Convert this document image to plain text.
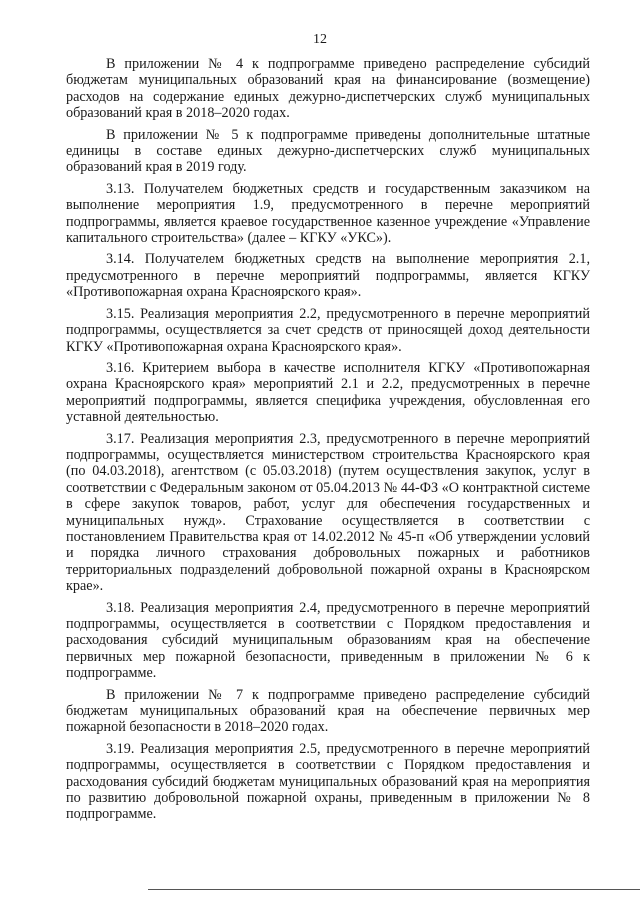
12

В приложении № 4 к подпрограмме приведено распределение субсидий бюджетам муниципальных образований края на финансирование (возмещение) расходов на содержание единых дежурно-диспетчерских служб муниципальных образований края в 2018–2020 годах.

В приложении № 5 к подпрограмме приведены дополнительные штатные единицы в составе единых дежурно-диспетчерских служб муниципальных образований края в 2019 году.

3.13. Получателем бюджетных средств и государственным заказчиком на выполнение мероприятия 1.9, предусмотренного в перечне мероприятий подпрограммы, является краевое государственное казенное учреждение «Управление капитального строительства» (далее – КГКУ «УКС»).

3.14. Получателем бюджетных средств на выполнение мероприятия 2.1, предусмотренного в перечне мероприятий подпрограммы, является КГКУ «Противопожарная охрана Красноярского края».

3.15. Реализация мероприятия 2.2, предусмотренного в перечне мероприятий подпрограммы, осуществляется за счет средств от приносящей доход деятельности КГКУ «Противопожарная охрана Красноярского края».

3.16. Критерием выбора в качестве исполнителя КГКУ «Противопожарная охрана Красноярского края» мероприятий 2.1 и 2.2, предусмотренных в перечне мероприятий подпрограммы, является специфика учреждения, обусловленная его уставной деятельностью.

3.17. Реализация мероприятия 2.3, предусмотренного в перечне мероприятий подпрограммы, осуществляется министерством строительства Красноярского края (по 04.03.2018), агентством (с 05.03.2018) (путем осуществления закупок, услуг в соответствии с Федеральным законом от 05.04.2013 № 44-ФЗ «О контрактной системе в сфере закупок товаров, работ, услуг для обеспечения государственных и муниципальных нужд». Страхование осуществляется в соответствии с постановлением Правительства края от 14.02.2012 № 45-п «Об утверждении условий и порядка личного страхования добровольных пожарных и работников территориальных подразделений добровольной пожарной охраны в Красноярском крае».

3.18. Реализация мероприятия 2.4, предусмотренного в перечне мероприятий подпрограммы, осуществляется в соответствии с Порядком предоставления и расходования субсидий муниципальным образованиям края на обеспечение первичных мер пожарной безопасности, приведенным в приложении № 6 к подпрограмме.

В приложении № 7 к подпрограмме приведено распределение субсидий бюджетам муниципальных образований края на обеспечение первичных мер пожарной безопасности в 2018–2020 годах.

3.19. Реализация мероприятия 2.5, предусмотренного в перечне мероприятий подпрограммы, осуществляется в соответствии с Порядком предоставления и расходования субсидий бюджетам муниципальных образований края на мероприятия по развитию добровольной пожарной охраны, приведенным в приложении № 8 подпрограмме.
